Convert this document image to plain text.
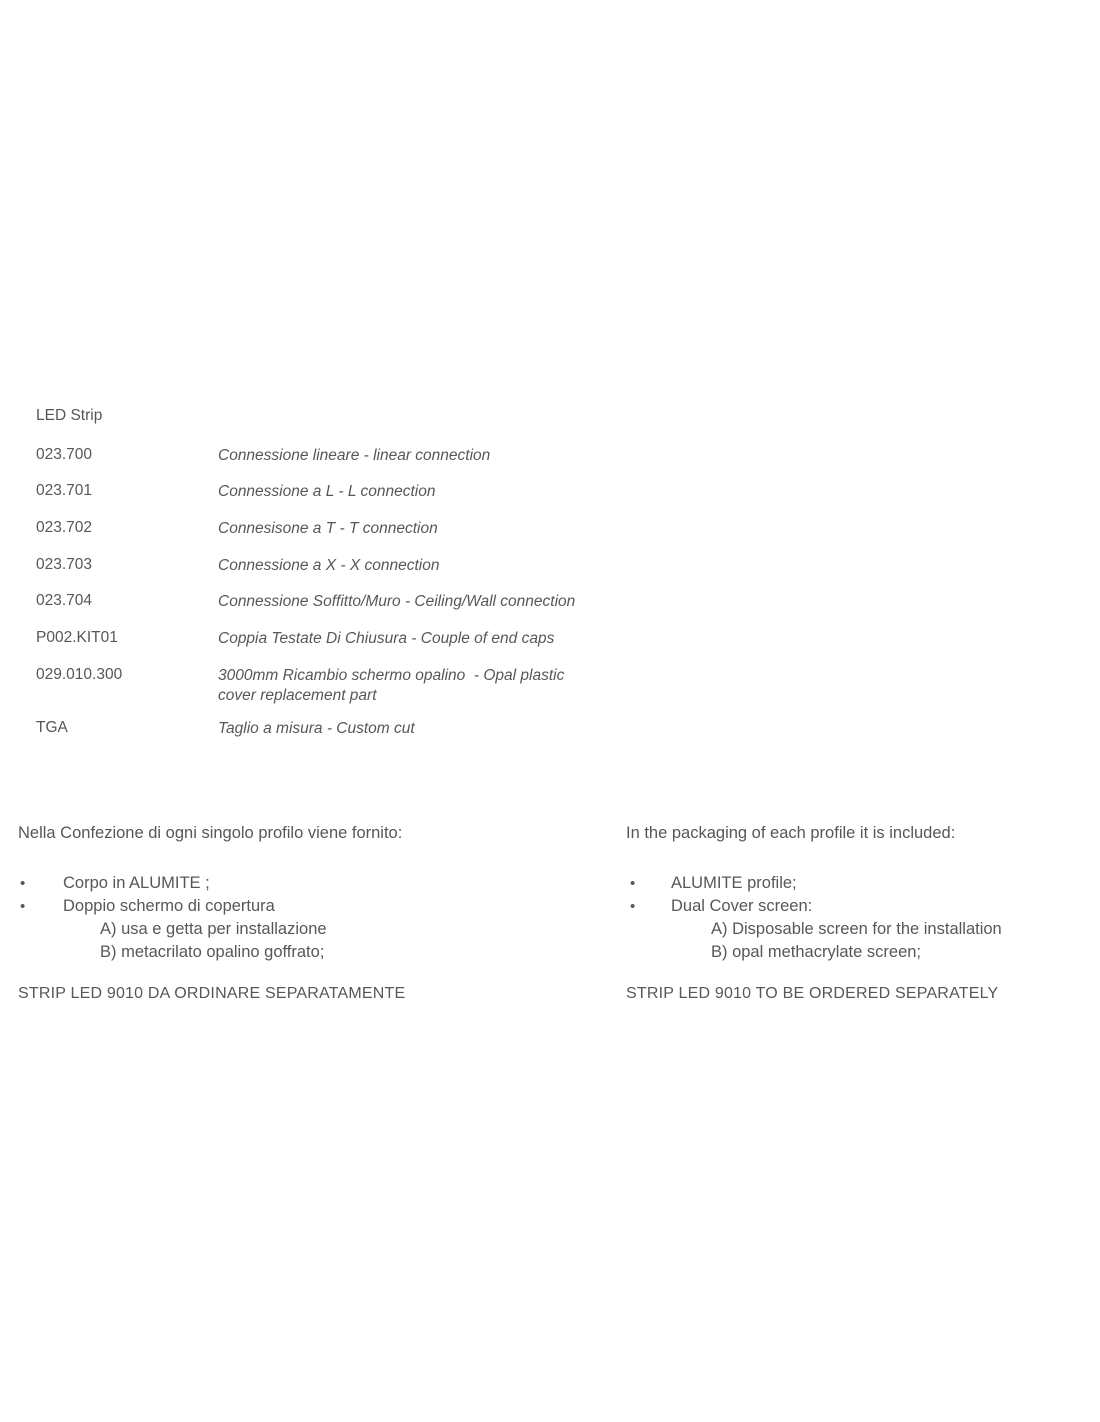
LED Strip
023.700	Connessione lineare - linear connection
023.701	Connessione a L - L connection
023.702	Connesisone a T - T connection
023.703	Connessione a X - X connection
023.704	Connessione Soffitto/Muro - Ceiling/Wall connection
P002.KIT01	Coppia Testate Di Chiusura - Couple of end caps
029.010.300	3000mm Ricambio schermo opalino  - Opal plastic
cover replacement part
TGA	Taglio a misura - Custom cut
Nella Confezione di ogni singolo profilo viene fornito:
• Corpo in ALUMITE ;
• Doppio schermo di copertura
A) usa e getta per installazione
B) metacrilato opalino goffrato;
STRIP LED 9010 DA ORDINARE SEPARATAMENTE
In the packaging of each profile it is included:
• ALUMITE profile;
• Dual Cover screen:
A) Disposable screen for the installation
B) opal methacrylate screen;
STRIP LED 9010 TO BE ORDERED SEPARATELY
